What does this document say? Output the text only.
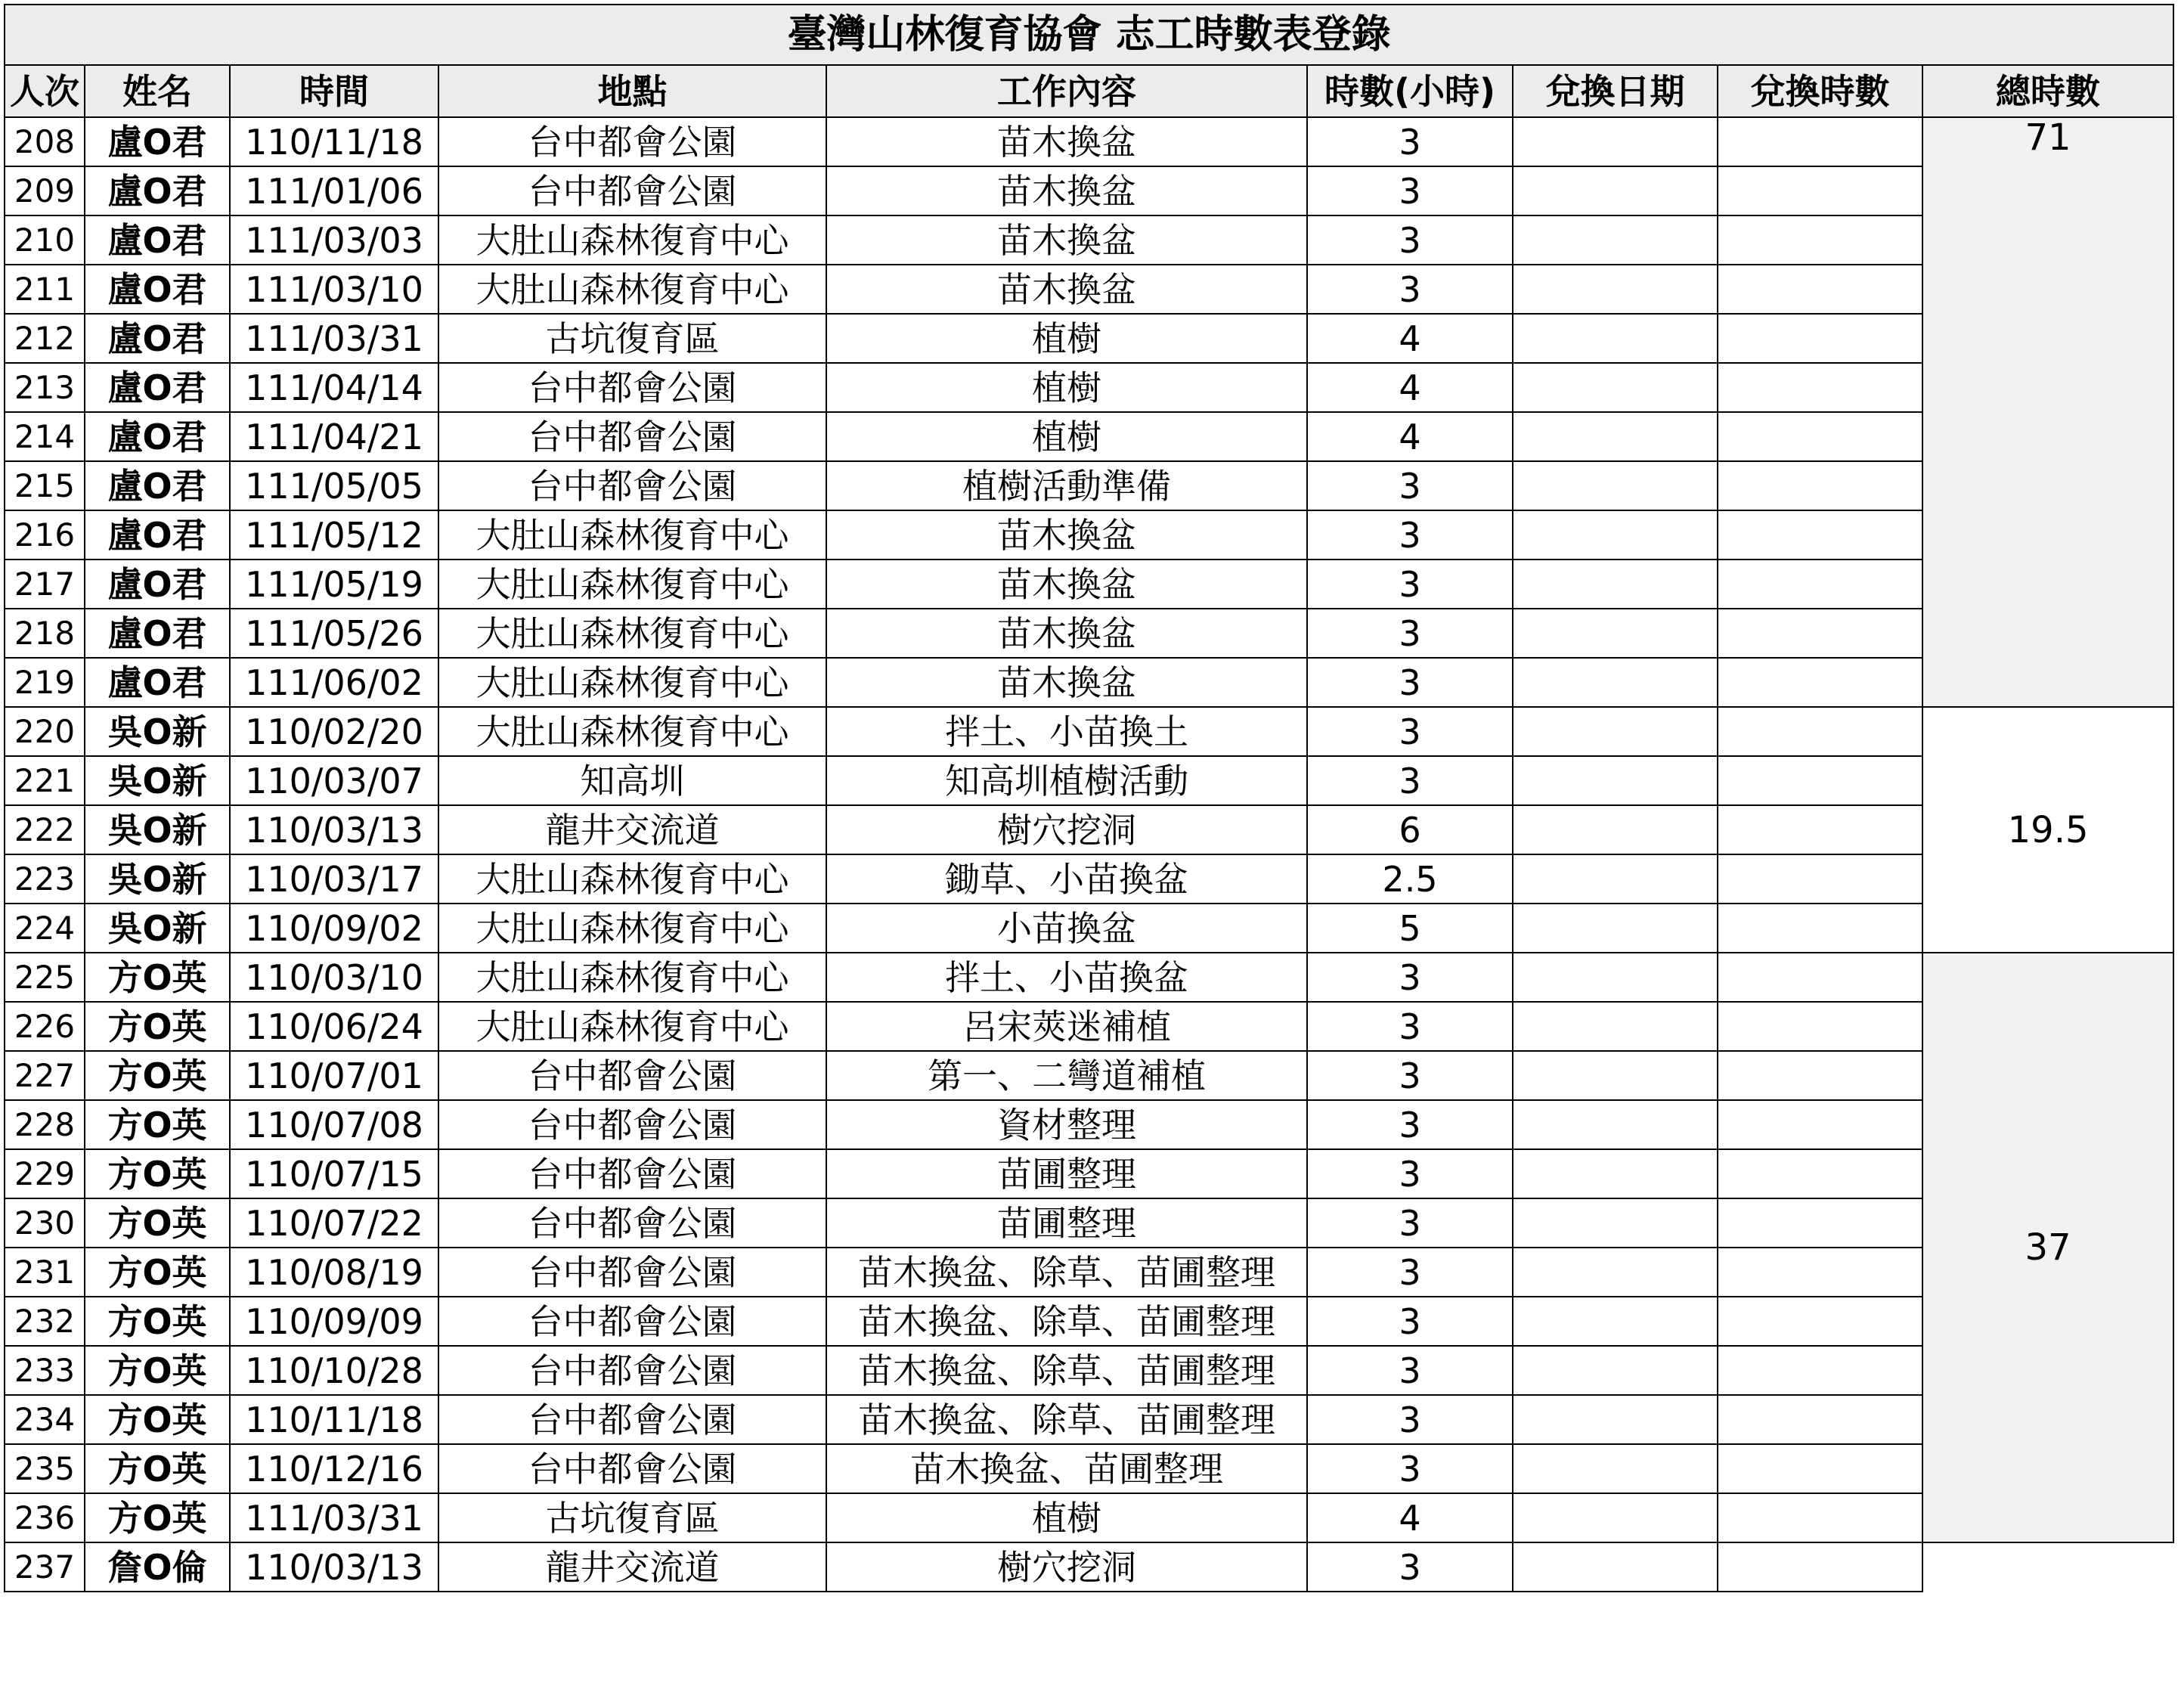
臺灣山林復育協會 志工時數表登錄								
人次	姓名	時間	地點	工作內容	時數(小時)	兌換日期	兌換時數	總時數
208	盧O君	110/11/18	台中都會公園	苗木換盆	3			71
209	盧O君	111/01/06	台中都會公園	苗木換盆	3			
210	盧O君	111/03/03	大肚山森林復育中心	苗木換盆	3			
211	盧O君	111/03/10	大肚山森林復育中心	苗木換盆	3			
212	盧O君	111/03/31	古坑復育區	植樹	4			
213	盧O君	111/04/14	台中都會公園	植樹	4			
214	盧O君	111/04/21	台中都會公園	植樹	4			
215	盧O君	111/05/05	台中都會公園	植樹活動準備	3			
216	盧O君	111/05/12	大肚山森林復育中心	苗木換盆	3			
217	盧O君	111/05/19	大肚山森林復育中心	苗木換盆	3			
218	盧O君	111/05/26	大肚山森林復育中心	苗木換盆	3			
219	盧O君	111/06/02	大肚山森林復育中心	苗木換盆	3			
220	吳O新	110/02/20	大肚山森林復育中心	拌土、小苗換土	3			19.5
221	吳O新	110/03/07	知高圳	知高圳植樹活動	3			
222	吳O新	110/03/13	龍井交流道	樹穴挖洞	6			
223	吳O新	110/03/17	大肚山森林復育中心	鋤草、小苗換盆	2.5			
224	吳O新	110/09/02	大肚山森林復育中心	小苗換盆	5			
225	方O英	110/03/10	大肚山森林復育中心	拌土、小苗換盆	3			37
226	方O英	110/06/24	大肚山森林復育中心	呂宋莢迷補植	3			
227	方O英	110/07/01	台中都會公園	第一、二彎道補植	3			
228	方O英	110/07/08	台中都會公園	資材整理	3			
229	方O英	110/07/15	台中都會公園	苗圃整理	3			
230	方O英	110/07/22	台中都會公園	苗圃整理	3			
231	方O英	110/08/19	台中都會公園	苗木換盆、除草、苗圃整理	3			
232	方O英	110/09/09	台中都會公園	苗木換盆、除草、苗圃整理	3			
233	方O英	110/10/28	台中都會公園	苗木換盆、除草、苗圃整理	3			
234	方O英	110/11/18	台中都會公園	苗木換盆、除草、苗圃整理	3			
235	方O英	110/12/16	台中都會公園	苗木換盆、苗圃整理	3			
236	方O英	111/03/31	古坑復育區	植樹	4			
237	詹O倫	110/03/13	龍井交流道	樹穴挖洞	3			
